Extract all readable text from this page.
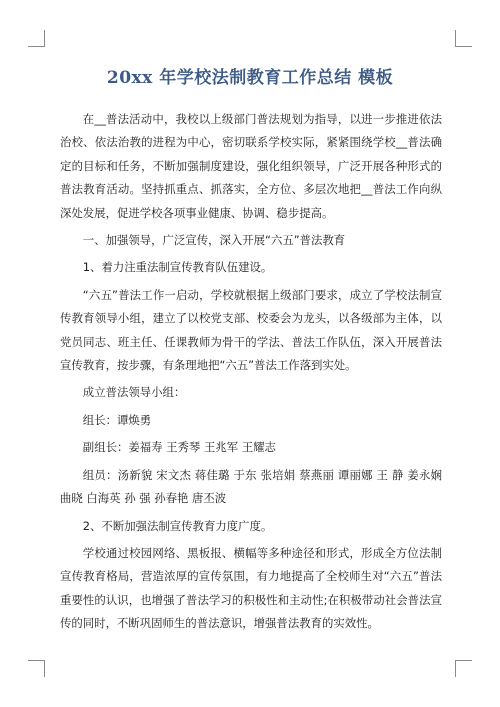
20xx 年学校法制教育工作总结 模板

在__普法活动中，我校以上级部门普法规划为指导，以进一步推进依法治校、依法治教的进程为中心，密切联系学校实际，紧紧围绕学校__普法确定的目标和任务，不断加强制度建设，强化组织领导，广泛开展各种形式的普法教育活动。坚持抓重点、抓落实，全方位、多层次地把__普法工作向纵深处发展，促进学校各项事业健康、协调、稳步提高。

一、加强领导，广泛宣传，深入开展“六五”普法教育

1、着力注重法制宣传教育队伍建设。

“六五”普法工作一启动，学校就根据上级部门要求，成立了学校法制宣传教育领导小组，建立了以校党支部、校委会为龙头，以各级部为主体，以党员同志、班主任、任课教师为骨干的学法、普法工作队伍，深入开展普法宣传教育，按步骤，有条理地把“六五”普法工作落到实处。

成立普法领导小组：

组长：谭焕勇

副组长：姜福寿 王秀琴 王兆军 王耀志

组员：汤新貌 宋文杰 蒋佳璐 于东 张培娟 蔡燕丽 谭丽娜 王 静 姜永娴 曲晓 白海英 孙 强 孙春艳 唐丕波

2、不断加强法制宣传教育力度广度。

学校通过校园网络、黑板报、横幅等多种途径和形式，形成全方位法制宣传教育格局，营造浓厚的宣传氛围，有力地提高了全校师生对“六五”普法重要性的认识，也增强了普法学习的积极性和主动性;在积极带动社会普法宣传的同时，不断巩固师生的普法意识，增强普法教育的实效性。
